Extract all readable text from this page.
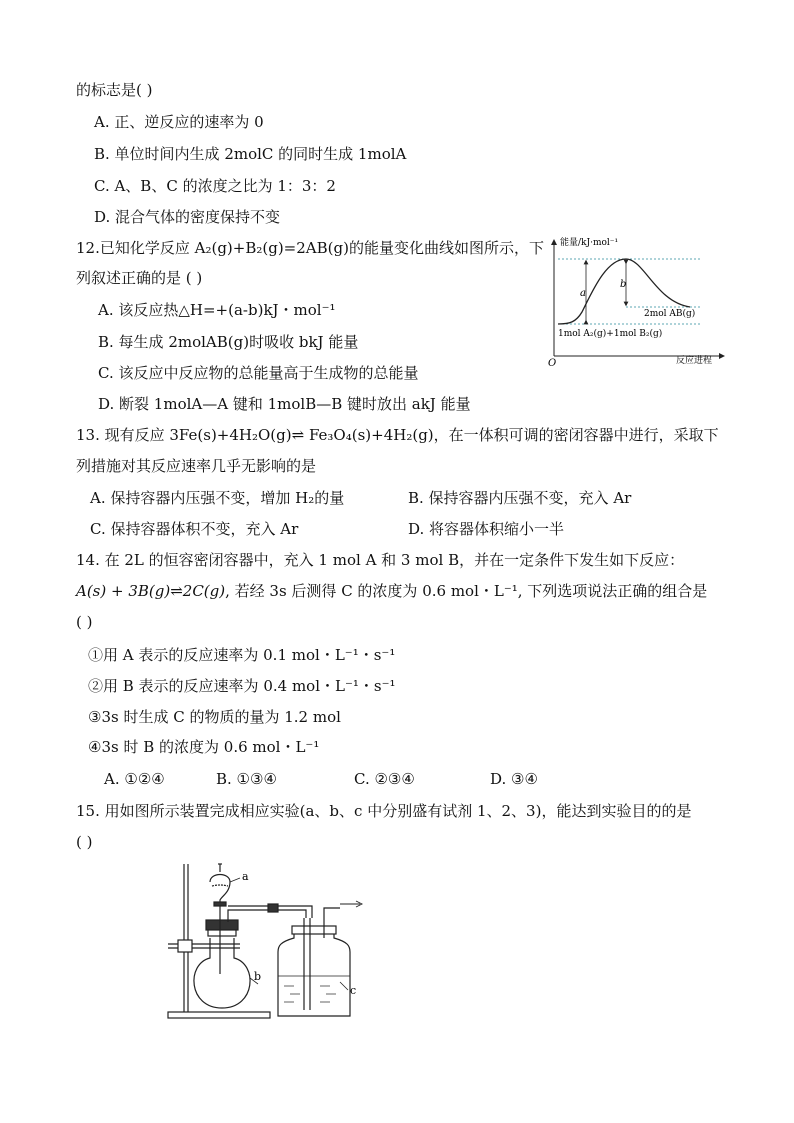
的标志是( )
A. 正、逆反应的速率为 0
B. 单位时间内生成 2molC 的同时生成 1molA
C. A、B、C 的浓度之比为 1：3：2
D. 混合气体的密度保持不变
12.已知化学反应 A₂(g)+B₂(g)=2AB(g)的能量变化曲线如图所示，下
列叙述正确的是 ( )
A. 该反应热△H=+(a-b)kJ・mol⁻¹
B. 每生成 2molAB(g)时吸收 bkJ 能量
C. 该反应中反应物的总能量高于生成物的总能量
D. 断裂 1molA—A 键和 1molB—B 键时放出 akJ 能量
能量/kJ·mol⁻¹
反应进程
O
a
b
2mol AB(g)
1mol A₂(g)+1mol B₂(g)
13. 现有反应 3Fe(s)+4H₂O(g)⇌ Fe₃O₄(s)+4H₂(g)，在一体积可调的密闭容器中进行，采取下
列措施对其反应速率几乎无影响的是
A. 保持容器内压强不变，增加 H₂的量	B. 保持容器内压强不变，充入 Ar
C. 保持容器体积不变，充入 Ar	D. 将容器体积缩小一半
14. 在 2L 的恒容密闭容器中，充入 1 mol A 和 3 mol B，并在一定条件下发生如下反应：
A(s) + 3B(g)⇌2C(g), 若经 3s 后测得 C 的浓度为 0.6 mol・L⁻¹, 下列选项说法正确的组合是
( )
①用 A 表示的反应速率为 0.1 mol・L⁻¹・s⁻¹
②用 B 表示的反应速率为 0.4 mol・L⁻¹・s⁻¹
③3s 时生成 C 的物质的量为 1.2 mol
④3s 时 B 的浓度为 0.6 mol・L⁻¹
A. ①②④	B. ①③④	C. ②③④	D. ③④
15. 用如图所示装置完成相应实验(a、b、c 中分别盛有试剂 1、2、3)，能达到实验目的的是
( )
a
b
c
